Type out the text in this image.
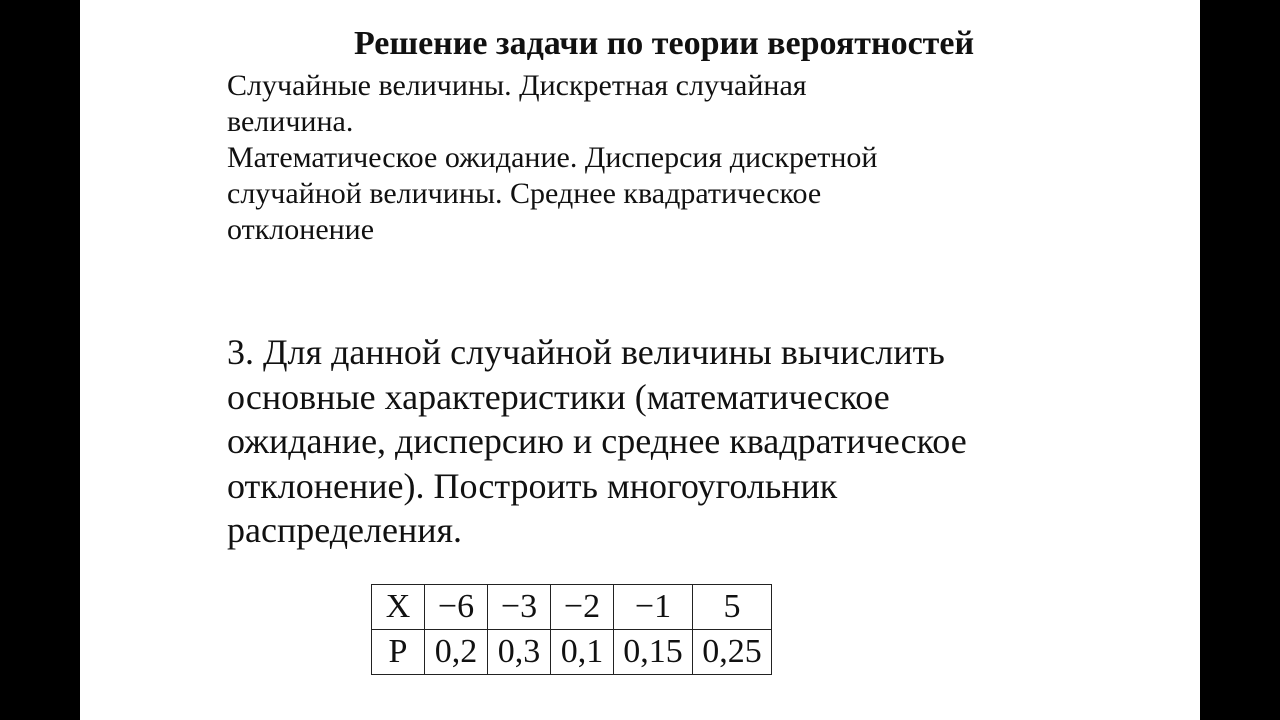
Решение задачи по теории вероятностей
Случайные величины. Дискретная случайная
величина.
Математическое ожидание. Дисперсия дискретной
случайной величины. Среднее квадратическое
отклонение
3. Для данной случайной величины вычислить
основные характеристики (математическое
ожидание, дисперсию и среднее квадратическое
отклонение). Построить многоугольник
распределения.
X	−6	−3	−2	−1	5
P	0,2	0,3	0,1	0,15	0,25
